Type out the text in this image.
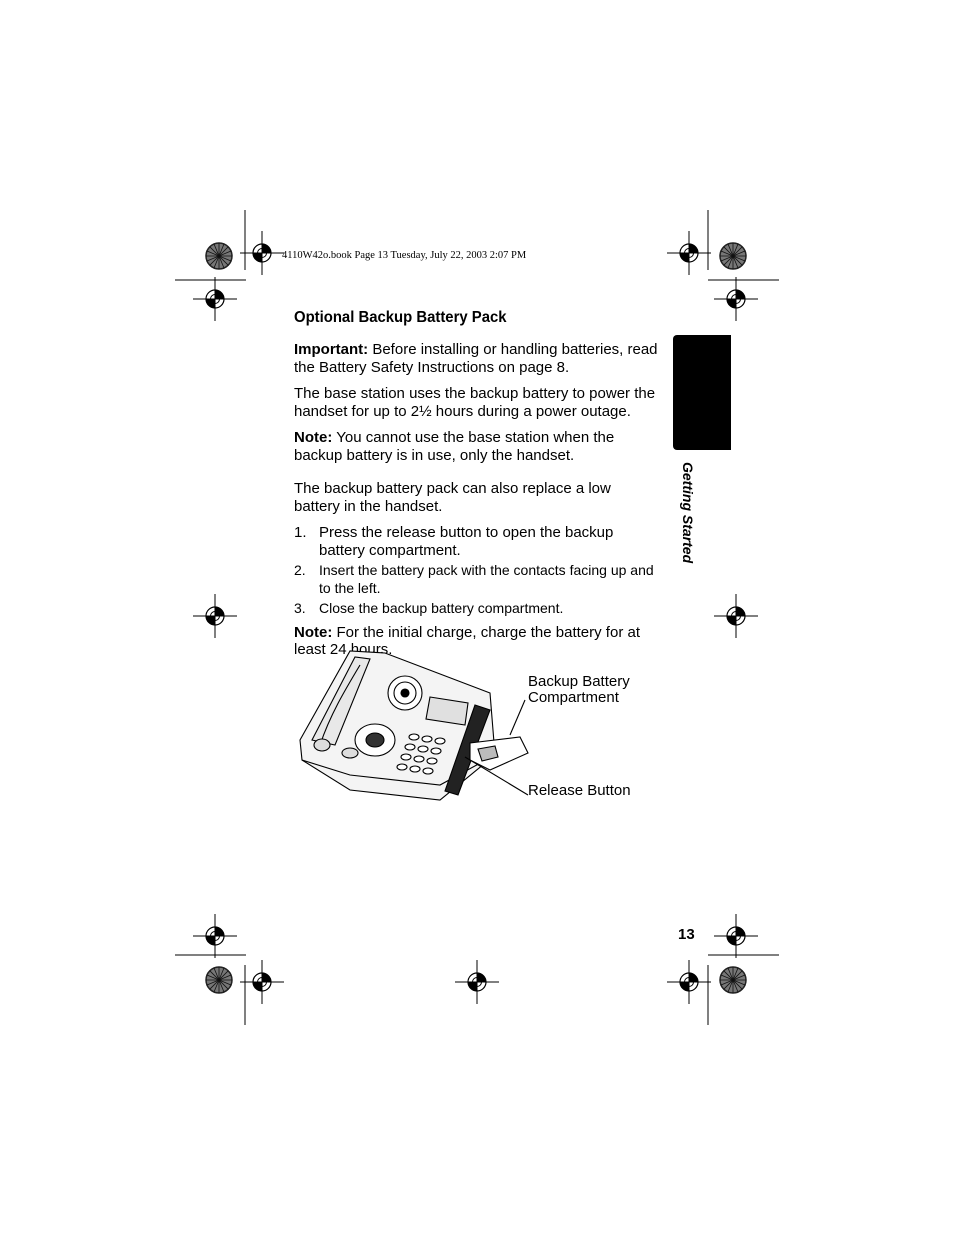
4110W42o.book Page 13 Tuesday, July 22, 2003 2:07 PM
Getting Started
Optional Backup Battery Pack

Important: Before installing or handling batteries, read the Battery Safety Instructions on page 8.

The base station uses the backup battery to power the handset for up to 2½ hours during a power outage.

Note: You cannot use the base station when the backup battery is in use, only the handset.

The backup battery pack can also replace a low battery in the handset.

1. Press the release button to open the backup battery compartment.
2. Insert the battery pack with the contacts facing up and to the left.
3. Close the backup battery compartment.

Note: For the initial charge, charge the battery for at least 24 hours.

Backup Battery
Compartment
Release Button
13
